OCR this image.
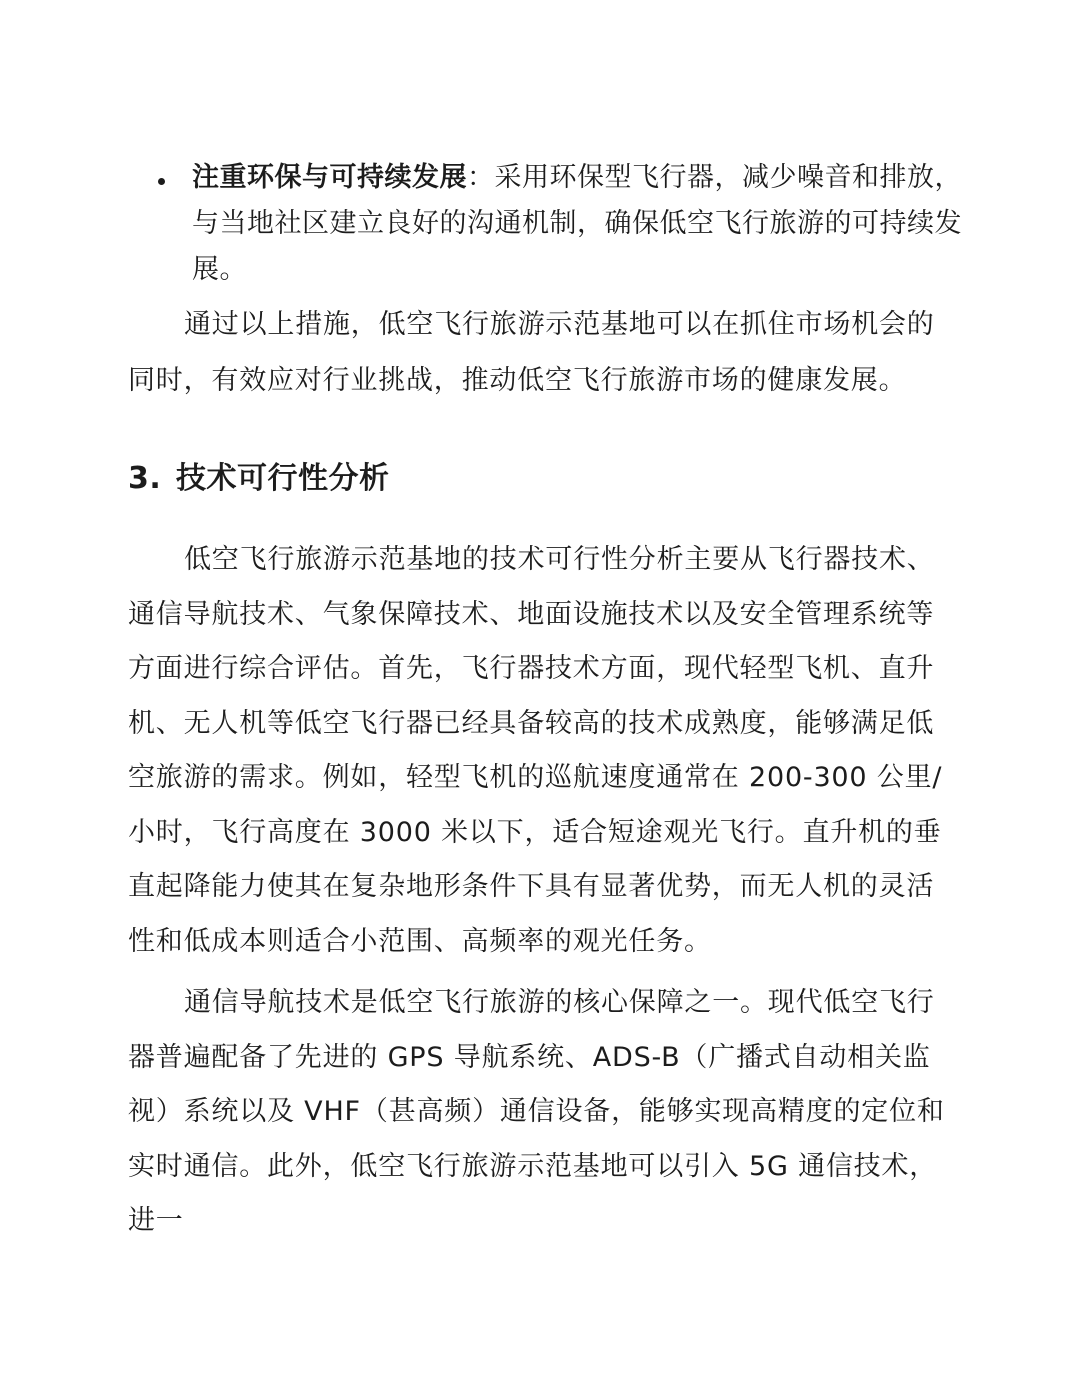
注重环保与可持续发展：采用环保型飞行器，减少噪音和排放，与当地社区建立良好的沟通机制，确保低空飞行旅游的可持续发展。

通过以上措施，低空飞行旅游示范基地可以在抓住市场机会的同时，有效应对行业挑战，推动低空飞行旅游市场的健康发展。

3. 技术可行性分析

低空飞行旅游示范基地的技术可行性分析主要从飞行器技术、通信导航技术、气象保障技术、地面设施技术以及安全管理系统等方面进行综合评估。首先，飞行器技术方面，现代轻型飞机、直升机、无人机等低空飞行器已经具备较高的技术成熟度，能够满足低空旅游的需求。例如，轻型飞机的巡航速度通常在 200-300 公里/小时，飞行高度在 3000 米以下，适合短途观光飞行。直升机的垂直起降能力使其在复杂地形条件下具有显著优势，而无人机的灵活性和低成本则适合小范围、高频率的观光任务。

通信导航技术是低空飞行旅游的核心保障之一。现代低空飞行器普遍配备了先进的 GPS 导航系统、ADS-B（广播式自动相关监视）系统以及 VHF（甚高频）通信设备，能够实现高精度的定位和实时通信。此外，低空飞行旅游示范基地可以引入 5G 通信技术，进一
